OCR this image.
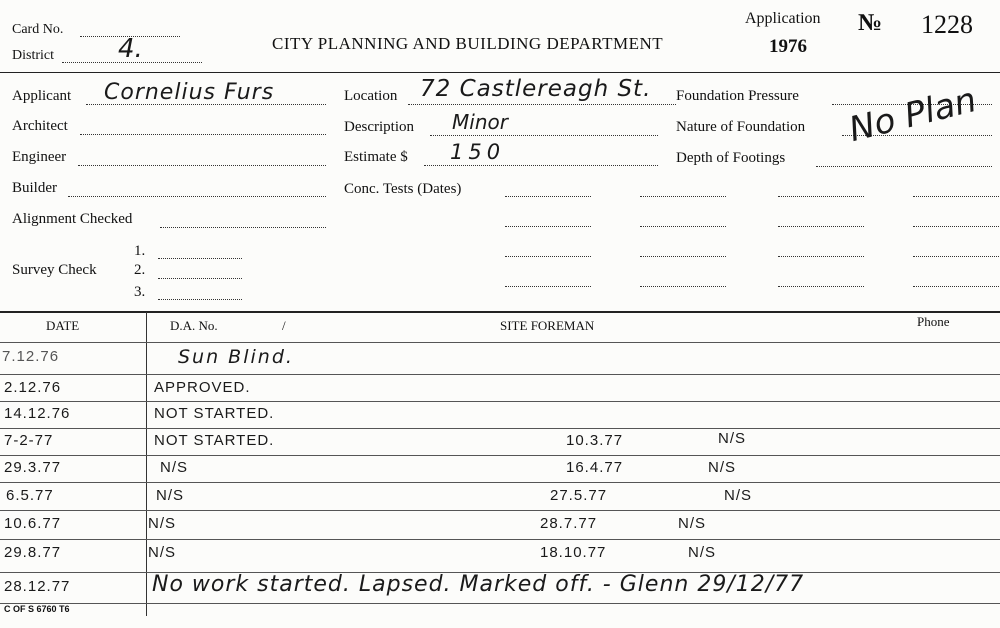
Card No.
District 4.	CITY PLANNING AND BUILDING DEPARTMENT
Application
1976
№ 1228
Applicant Cornelius Furs
Architect
Engineer
Builder
Alignment Checked
Survey Check
1.
2.
3.
Location 72 Castlereagh St.
Description Minor
Estimate $ 150
Conc. Tests (Dates)
Foundation Pressure
Nature of Foundation
Depth of Footings
No Plan
DATE	D.A. No.	/	SITE FOREMAN	Phone
7.12.76	Sun Blind.
2.12.76	APPROVED.
14.12.76	NOT STARTED.
7-2-77	NOT STARTED.	10.3.77	N/S
29.3.77	N/S	16.4.77	N/S
6.5.77	N/S	27.5.77	N/S
10.6.77	N/S	28.7.77	N/S
29.8.77	N/S	18.10.77	N/S
28.12.77	No work started. Lapsed. Marked off. - Glenn 29/12/77
C OF S 6760 T6
